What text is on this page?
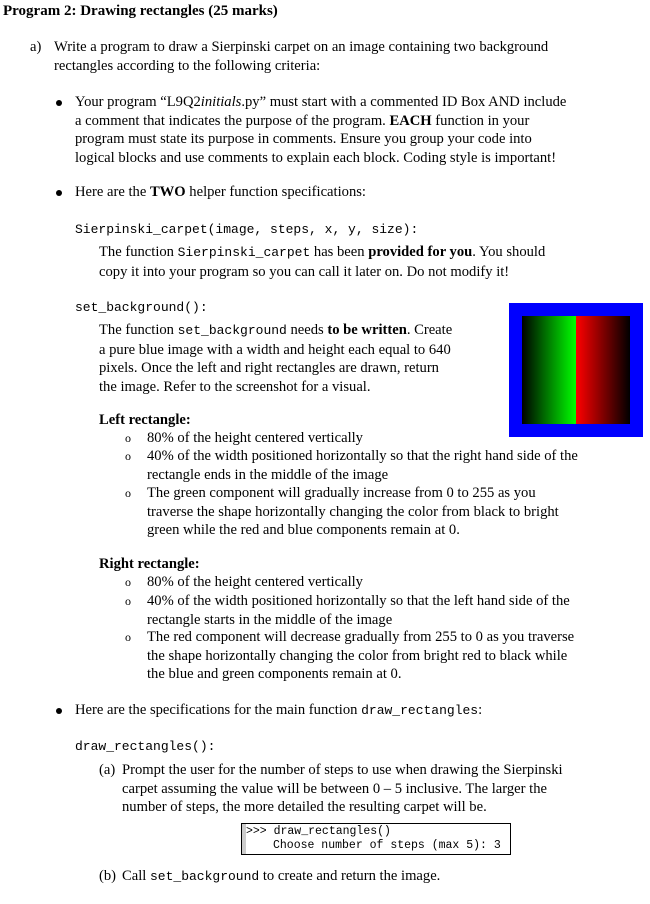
Program 2: Drawing rectangles (25 marks)
a) Write a program to draw a Sierpinski carpet on an image containing two background
rectangles according to the following criteria:
Your program “L9Q2initials.py” must start with a commented ID Box AND include
a comment that indicates the purpose of the program. EACH function in your
program must state its purpose in comments. Ensure you group your code into
logical blocks and use comments to explain each block. Coding style is important!
Here are the TWO helper function specifications:
Sierpinski_carpet(image, steps, x, y, size):
The function Sierpinski_carpet has been provided for you. You should
copy it into your program so you can call it later on. Do not modify it!
set_background():
The function set_background needs to be written. Create
a pure blue image with a width and height each equal to 640
pixels. Once the left and right rectangles are drawn, return
the image. Refer to the screenshot for a visual.
Left rectangle:
o 80% of the height centered vertically
o 40% of the width positioned horizontally so that the right hand side of the
rectangle ends in the middle of the image
o The green component will gradually increase from 0 to 255 as you
traverse the shape horizontally changing the color from black to bright
green while the red and blue components remain at 0.
Right rectangle:
o 80% of the height centered vertically
o 40% of the width positioned horizontally so that the left hand side of the
rectangle starts in the middle of the image
o The red component will decrease gradually from 255 to 0 as you traverse
the shape horizontally changing the color from bright red to black while
the blue and green components remain at 0.
Here are the specifications for the main function draw_rectangles:
draw_rectangles():
(a) Prompt the user for the number of steps to use when drawing the Sierpinski
carpet assuming the value will be between 0 – 5 inclusive. The larger the
number of steps, the more detailed the resulting carpet will be.
>>> draw_rectangles()
Choose number of steps (max 5): 3
(b) Call set_background to create and return the image.
